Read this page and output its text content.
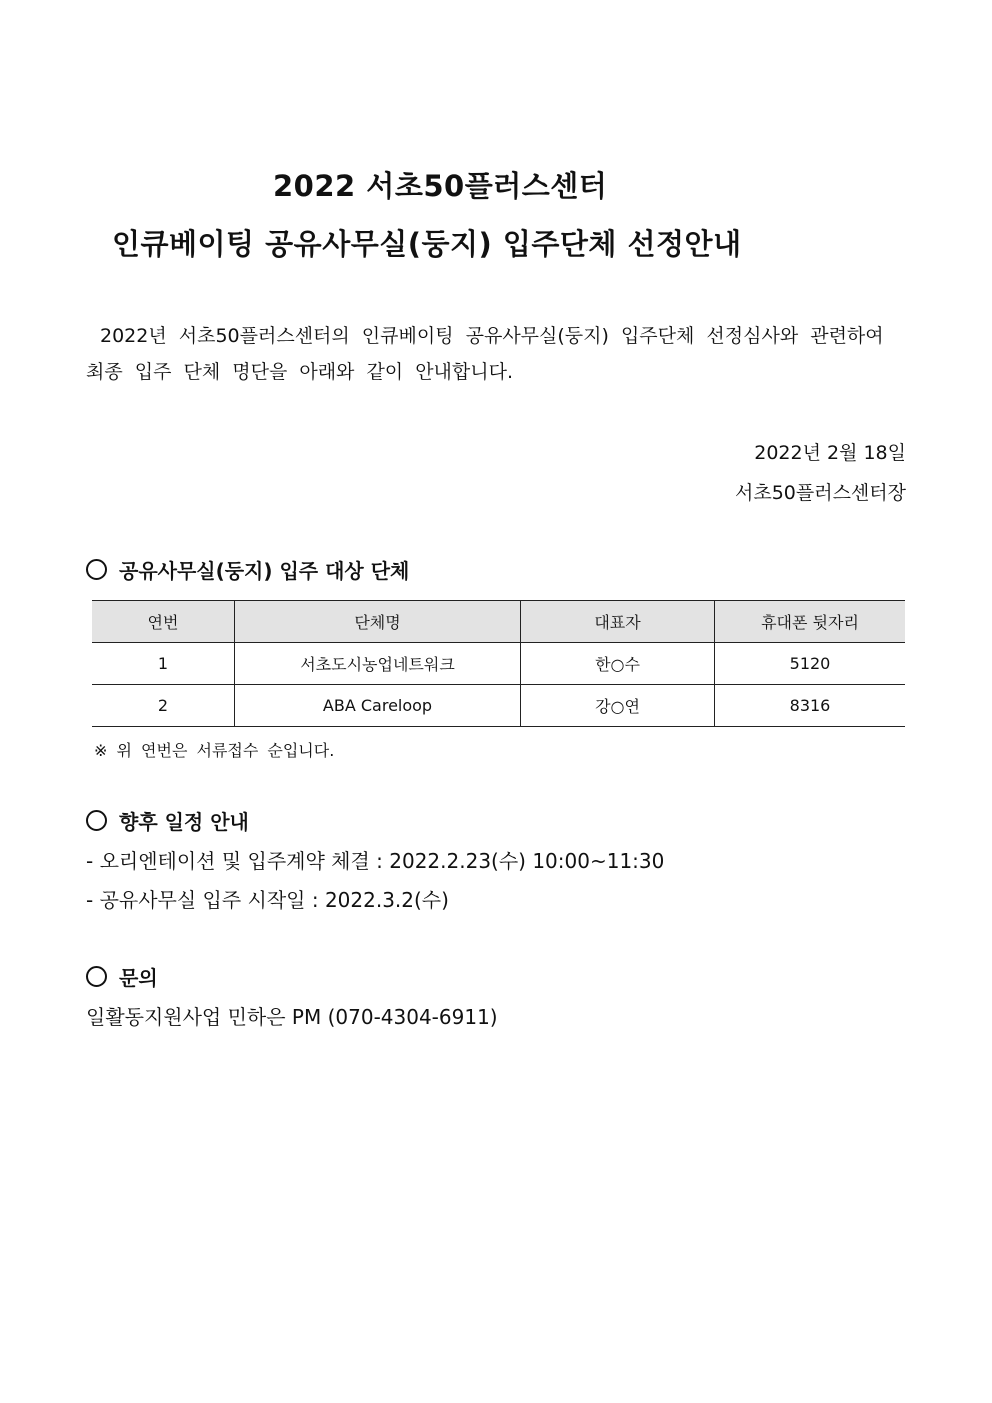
2022 서초50플러스센터
인큐베이팅 공유사무실(둥지) 입주단체 선정안내
2022년 서초50플러스센터의 인큐베이팅 공유사무실(둥지) 입주단체 선정심사와 관련하여
최종 입주 단체 명단을 아래와 같이 안내합니다.
2022년 2월 18일
서초50플러스센터장
공유사무실(둥지) 입주 대상 단체
연번	단체명	대표자	휴대폰 뒷자리
1	서초도시농업네트워크	한○수	5120
2	ABA Careloop	강○연	8316
※ 위 연번은 서류접수 순입니다.
향후 일정 안내
- 오리엔테이션 및 입주계약 체결 : 2022.2.23(수) 10:00~11:30
- 공유사무실 입주 시작일 : 2022.3.2(수)
문의
일활동지원사업 민하은 PM (070-4304-6911)
